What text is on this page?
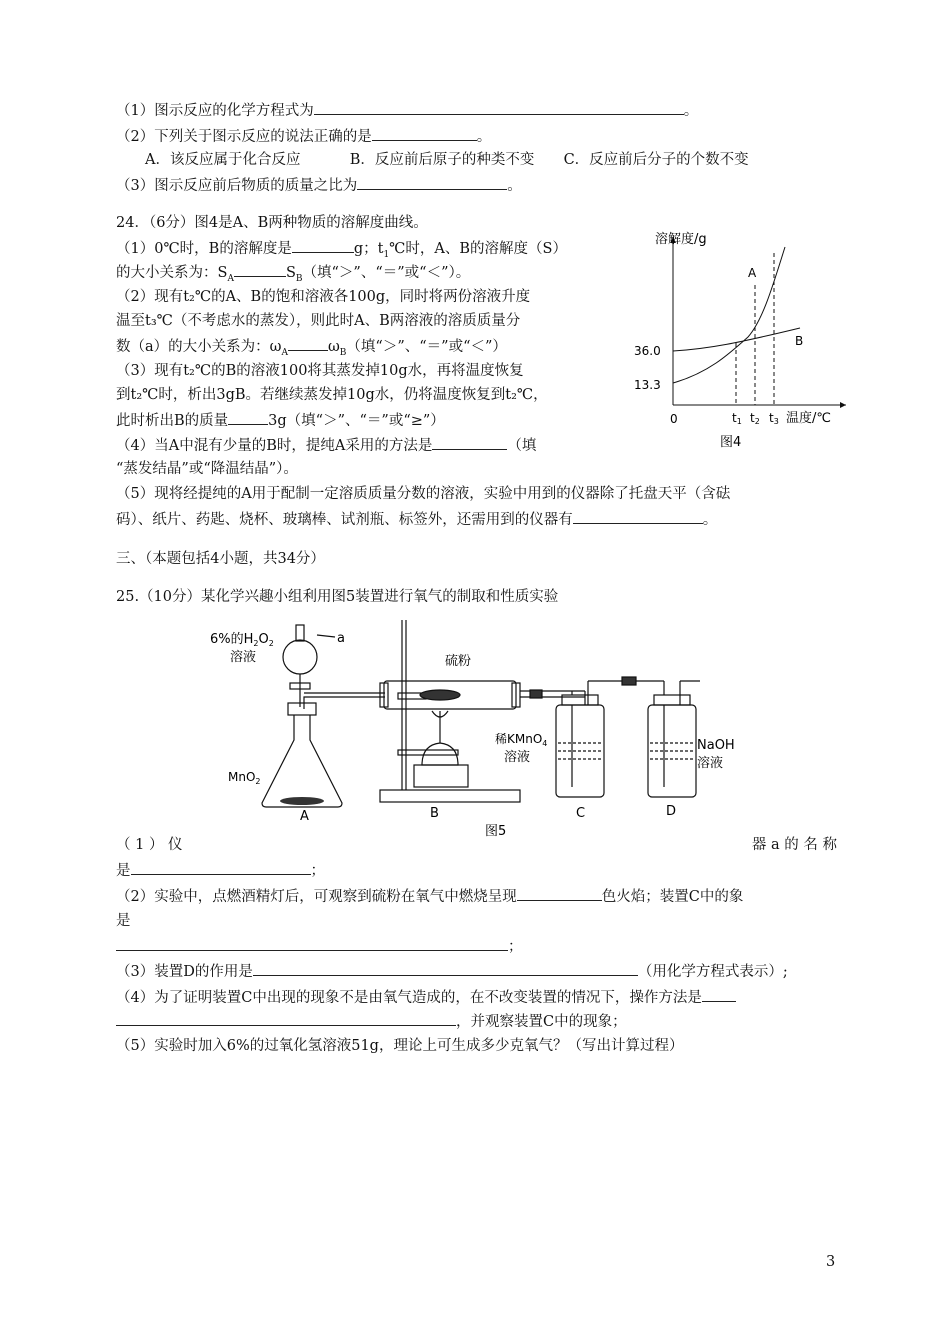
（1）图示反应的化学方程式为	。
（2）下列关于图示反应的说法正确的是	。
A．该反应属于化合反应	B．反应前后原子的种类不变 C．反应前后分子的个数不变
（3）图示反应前后物质的质量之比为	。
24．（6分）图4是A、B两种物质的溶解度曲线。
（1）0℃时，B的溶解度是	g；$t_1℃$时，A、B的溶解度（S）
的大小关系为：$S_A$	$S_B$（填“＞”、“＝”或“＜”）。
（2）现有t₂℃的A、B的饱和溶液各100g，同时将两份溶液升度
温至t₃℃（不考虑水的蒸发），则此时A、B两溶液的溶质质量分
数（a）的大小关系为：$\omega_A$	$\omega_B$（填“＞”、“＝”或“＜”）
（3）现有t₂℃的B的溶液100将其蒸发掉10g水，再将温度恢复
到t₂℃时，析出3gB。若继续蒸发掉10g水，仍将温度恢复到t₂℃，
此时析出B的质量	3g（填“＞”、“＝”或“≥”）
（4）当A中混有少量的B时，提纯A采用的方法是	（填
“蒸发结晶”或“降温结晶”）。
（5）现将经提纯的A用于配制一定溶质质量分数的溶液，实验中用到的仪器除了托盘天平（含砝
码）、纸片、药匙、烧杯、玻璃棒、试剂瓶、标签外，还需用到的仪器有	。
溶解度/g
温度/℃
0
36.0
13.3
A
B
t1 t2 t3
图4
三、（本题包括4小题，共34分）
25.（10分）某化学兴趣小组利用图5装置进行氧气的制取和性质实验
6%的$H_2O_2$
溶液
a
硫粉
MnO$_2$
稀KMnO$_4$
溶液
NaOH
溶液
A	B	C	D
图5
（ 1 ） 仪	器 a 的 名 称
是	；
（2）实验中，点燃酒精灯后，可观察到硫粉在氧气中燃烧呈现	色火焰；装置C中的象
是
；
（3）装置D的作用是	（用化学方程式表示）;
（4）为了证明装置C中出现的现象不是由氧气造成的，在不改变装置的情况下，操作方法是
，并观察装置C中的现象；
（5）实验时加入6%的过氧化氢溶液51g，理论上可生成多少克氧气？（写出计算过程）
3
